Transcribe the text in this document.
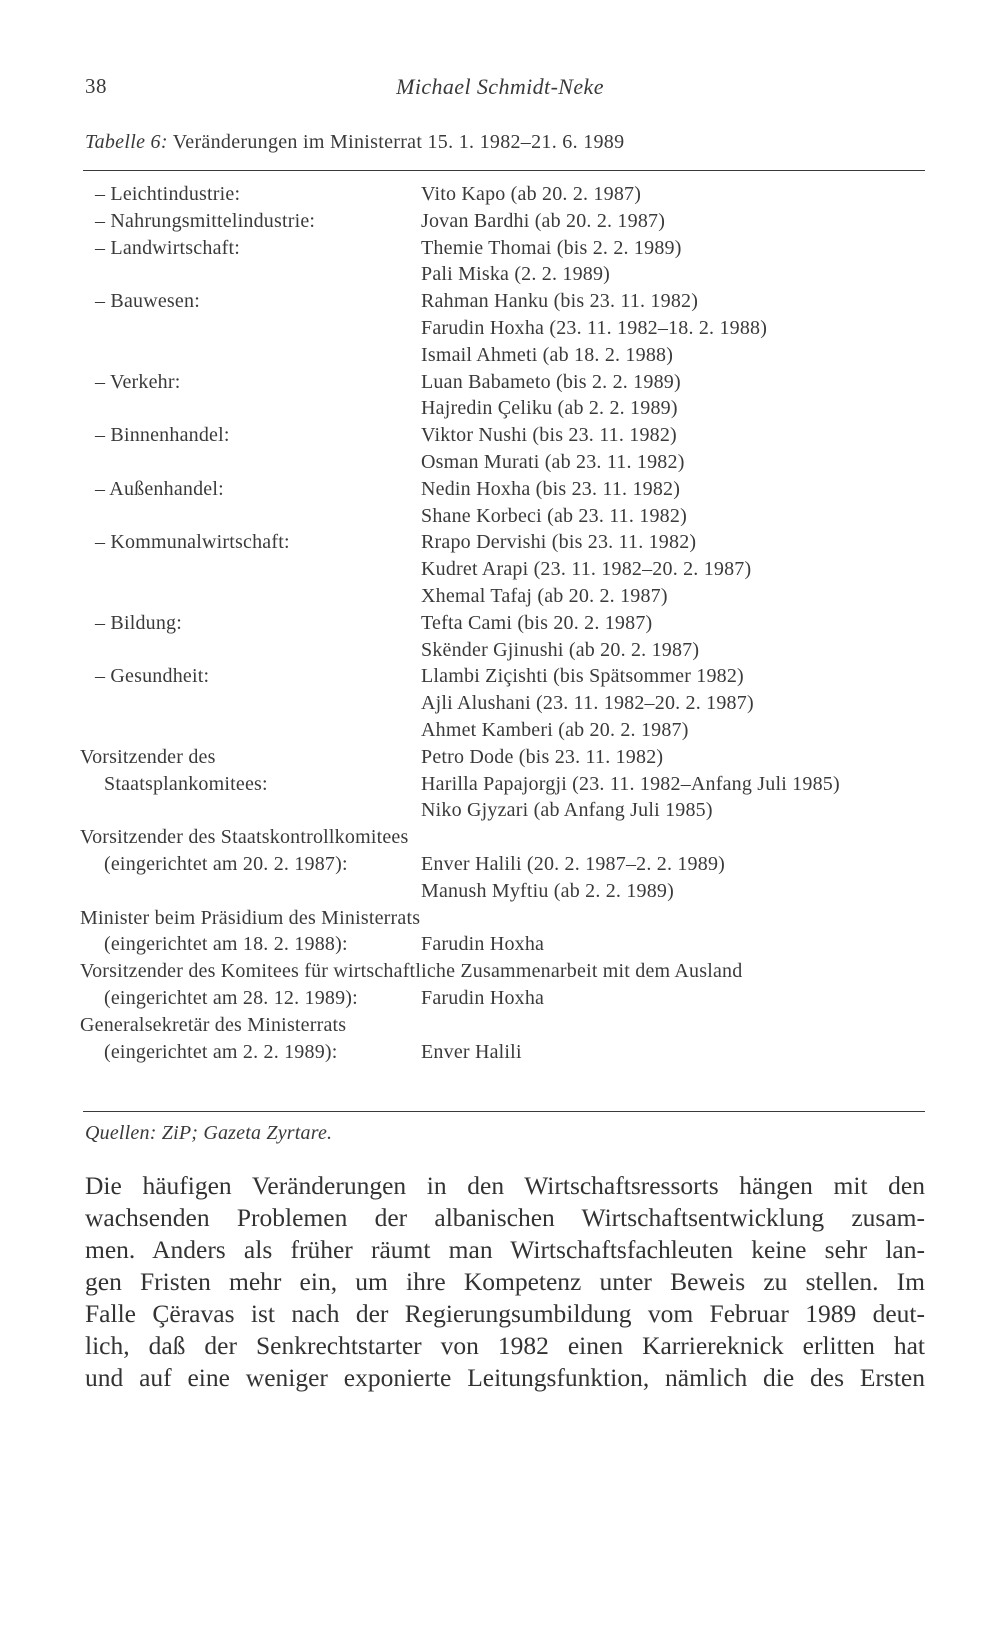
38	Michael Schmidt-Neke
Tabelle 6: Veränderungen im Ministerrat 15. 1. 1982–21. 6. 1989
– Leichtindustrie:	Vito Kapo (ab 20. 2. 1987)
– Nahrungsmittelindustrie:	Jovan Bardhi (ab 20. 2. 1987)
– Landwirtschaft:	Themie Thomai (bis 2. 2. 1989)
Pali Miska (2. 2. 1989)
– Bauwesen:	Rahman Hanku (bis 23. 11. 1982)
Farudin Hoxha (23. 11. 1982–18. 2. 1988)
Ismail Ahmeti (ab 18. 2. 1988)
– Verkehr:	Luan Babameto (bis 2. 2. 1989)
Hajredin Çeliku (ab 2. 2. 1989)
– Binnenhandel:	Viktor Nushi (bis 23. 11. 1982)
Osman Murati (ab 23. 11. 1982)
– Außenhandel:	Nedin Hoxha (bis 23. 11. 1982)
Shane Korbeci (ab 23. 11. 1982)
– Kommunalwirtschaft:	Rrapo Dervishi (bis 23. 11. 1982)
Kudret Arapi (23. 11. 1982–20. 2. 1987)
Xhemal Tafaj (ab 20. 2. 1987)
– Bildung:	Tefta Cami (bis 20. 2. 1987)
Skënder Gjinushi (ab 20. 2. 1987)
– Gesundheit:	Llambi Ziçishti (bis Spätsommer 1982)
Ajli Alushani (23. 11. 1982–20. 2. 1987)
Ahmet Kamberi (ab 20. 2. 1987)
Vorsitzender des	Petro Dode (bis 23. 11. 1982)
Staatsplankomitees:	Harilla Papajorgji (23. 11. 1982–Anfang Juli 1985)
Niko Gjyzari (ab Anfang Juli 1985)
Vorsitzender des Staatskontrollkomitees
(eingerichtet am 20. 2. 1987):	Enver Halili (20. 2. 1987–2. 2. 1989)
Manush Myftiu (ab 2. 2. 1989)
Minister beim Präsidium des Ministerrats
(eingerichtet am 18. 2. 1988):	Farudin Hoxha
Vorsitzender des Komitees für wirtschaftliche Zusammenarbeit mit dem Ausland
(eingerichtet am 28. 12. 1989):	Farudin Hoxha
Generalsekretär des Ministerrats
(eingerichtet am 2. 2. 1989):	Enver Halili
Quellen: ZiP; Gazeta Zyrtare.
Die häufigen Veränderungen in den Wirtschaftsressorts hängen mit den
wachsenden Problemen der albanischen Wirtschaftsentwicklung zusam-
men. Anders als früher räumt man Wirtschaftsfachleuten keine sehr lan-
gen Fristen mehr ein, um ihre Kompetenz unter Beweis zu stellen. Im
Falle Çëravas ist nach der Regierungsumbildung vom Februar 1989 deut-
lich, daß der Senkrechtstarter von 1982 einen Karriereknick erlitten hat
und auf eine weniger exponierte Leitungsfunktion, nämlich die des Ersten
